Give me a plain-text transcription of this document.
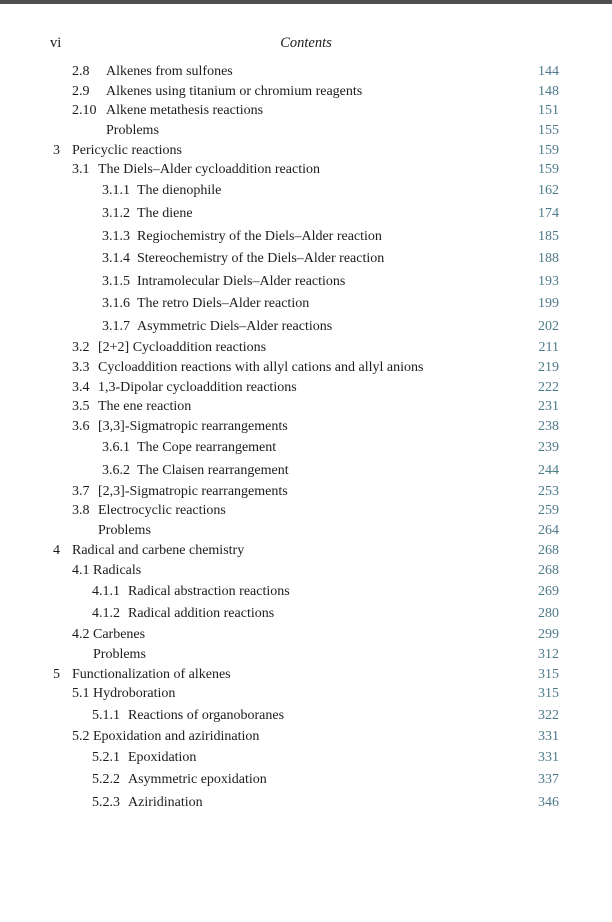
vi	Contents
2.8	Alkenes from sulfones	144
2.9	Alkenes using titanium or chromium reagents	148
2.10 Alkene metathesis reactions	151
Problems	155
3 Pericyclic reactions	159
3.1 The Diels–Alder cycloaddition reaction	159
3.1.1 The dienophile	162
3.1.2 The diene	174
3.1.3 Regiochemistry of the Diels–Alder reaction	185
3.1.4 Stereochemistry of the Diels–Alder reaction	188
3.1.5 Intramolecular Diels–Alder reactions	193
3.1.6 The retro Diels–Alder reaction	199
3.1.7 Asymmetric Diels–Alder reactions	202
3.2 [2+2] Cycloaddition reactions	211
3.3 Cycloaddition reactions with allyl cations and allyl anions	219
3.4 1,3-Dipolar cycloaddition reactions	222
3.5 The ene reaction	231
3.6 [3,3]-Sigmatropic rearrangements	238
3.6.1 The Cope rearrangement	239
3.6.2 The Claisen rearrangement	244
3.7 [2,3]-Sigmatropic rearrangements	253
3.8 Electrocyclic reactions	259
Problems	264
4 Radical and carbene chemistry	268
4.1 Radicals	268
4.1.1 Radical abstraction reactions	269
4.1.2 Radical addition reactions	280
4.2 Carbenes	299
Problems	312
5 Functionalization of alkenes	315
5.1 Hydroboration	315
5.1.1 Reactions of organoboranes	322
5.2 Epoxidation and aziridination	331
5.2.1 Epoxidation	331
5.2.2 Asymmetric epoxidation	337
5.2.3 Aziridination	346
